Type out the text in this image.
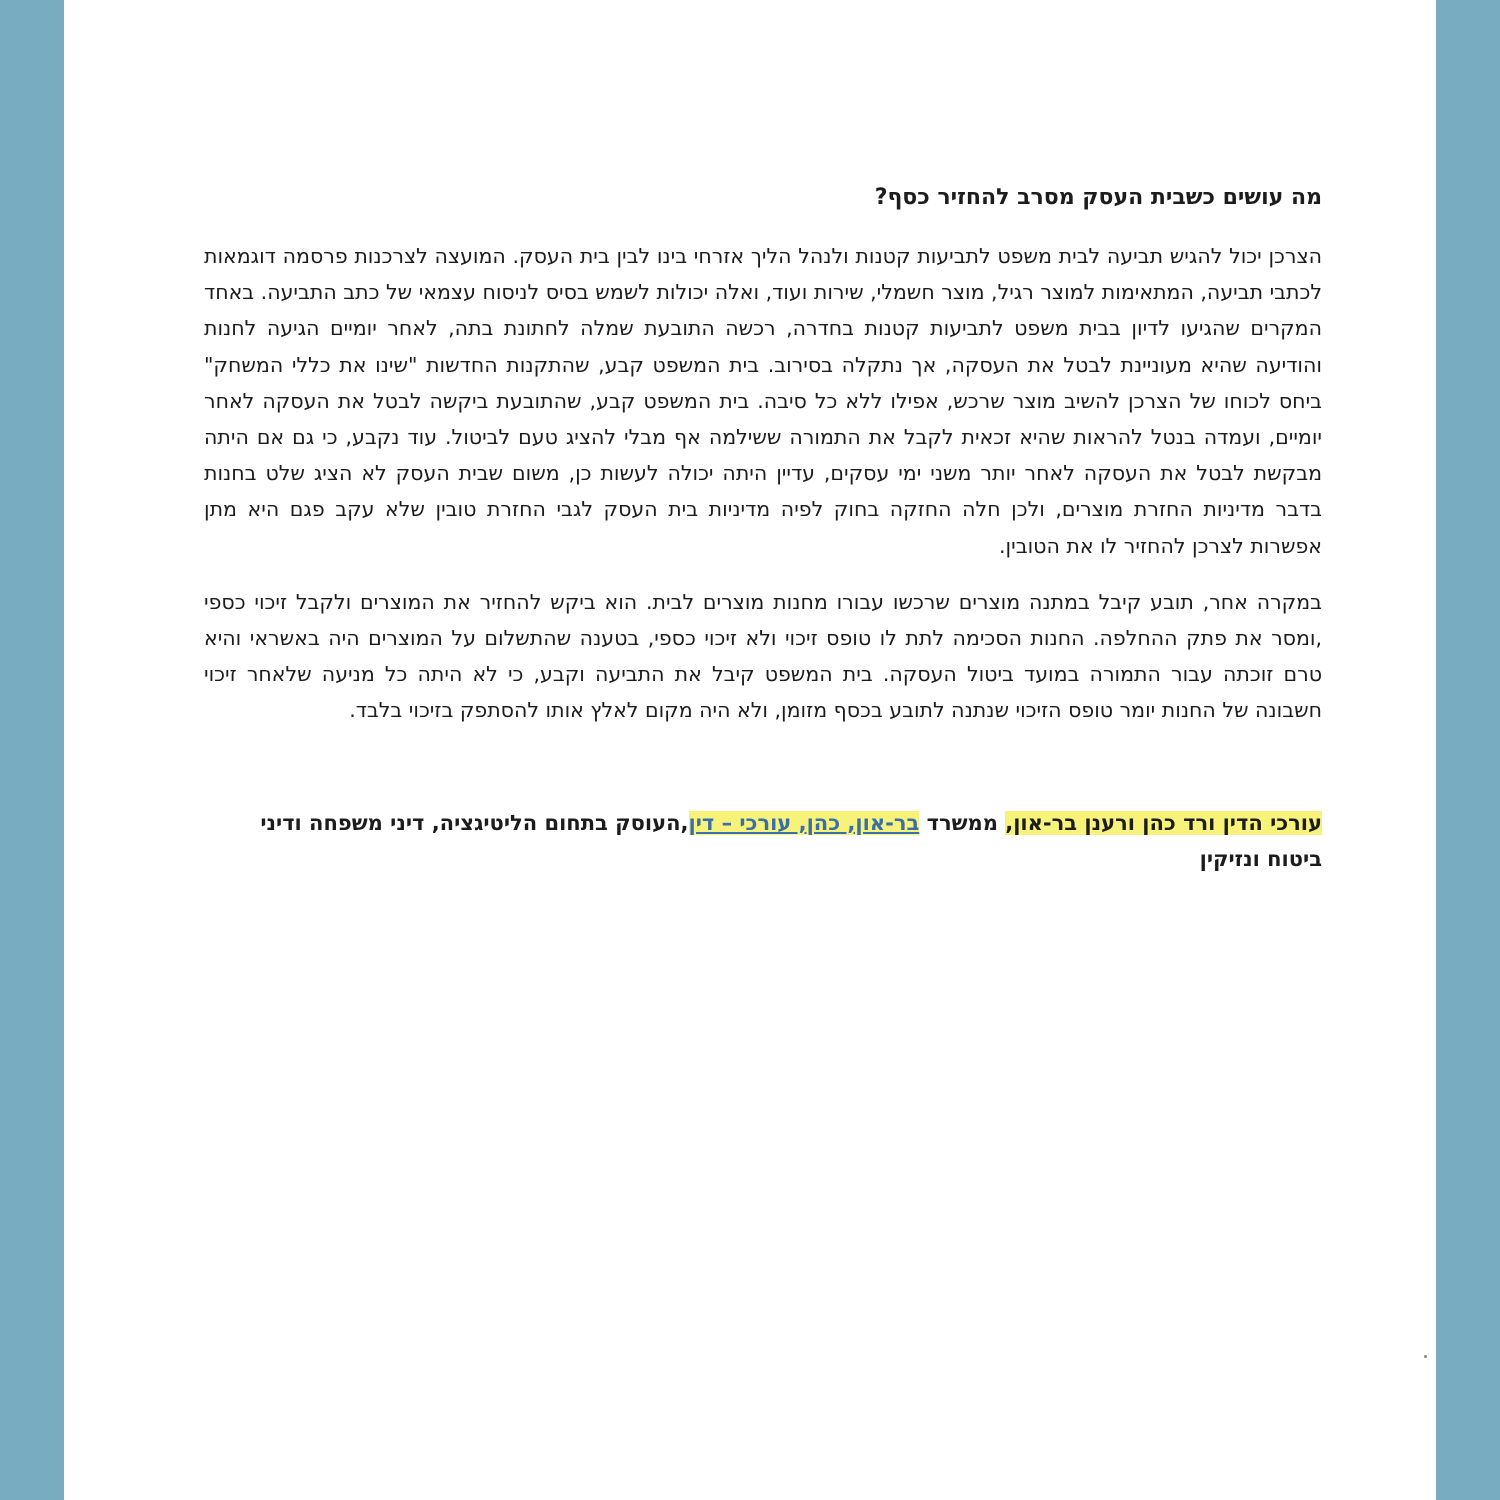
מה עושים כשבית העסק מסרב להחזיר כסף?

הצרכן יכול להגיש תביעה לבית משפט לתביעות קטנות ולנהל הליך אזרחי בינו לבין בית העסק. המועצה לצרכנות פרסמה דוגמאות לכתבי תביעה, המתאימות למוצר רגיל, מוצר חשמלי, שירות ועוד, ואלה יכולות לשמש בסיס לניסוח עצמאי של כתב התביעה. באחד המקרים שהגיעו לדיון בבית משפט לתביעות קטנות בחדרה, רכשה התובעת שמלה לחתונת בתה, לאחר יומיים הגיעה לחנות והודיעה שהיא מעוניינת לבטל את העסקה, אך נתקלה בסירוב. בית המשפט קבע, שהתקנות החדשות "שינו את כללי המשחק" ביחס לכוחו של הצרכן להשיב מוצר שרכש, אפילו ללא כל סיבה. בית המשפט קבע, שהתובעת ביקשה לבטל את העסקה לאחר יומיים, ועמדה בנטל להראות שהיא זכאית לקבל את התמורה ששילמה אף מבלי להציג טעם לביטול. עוד נקבע, כי גם אם היתה מבקשת לבטל את העסקה לאחר יותר משני ימי עסקים, עדיין היתה יכולה לעשות כן, משום שבית העסק לא הציג שלט בחנות בדבר מדיניות החזרת מוצרים, ולכן חלה החזקה בחוק לפיה מדיניות בית העסק לגבי החזרת טובין שלא עקב פגם היא מתן אפשרות לצרכן להחזיר לו את הטובין.

במקרה אחר, תובע קיבל במתנה מוצרים שרכשו עבורו מחנות מוצרים לבית. הוא ביקש להחזיר את המוצרים ולקבל זיכוי כספי ,ומסר את פתק ההחלפה. החנות הסכימה לתת לו טופס זיכוי ולא זיכוי כספי, בטענה שהתשלום על המוצרים היה באשראי והיא טרם זוכתה עבור התמורה במועד ביטול העסקה. בית המשפט קיבל את התביעה וקבע, כי לא היתה כל מניעה שלאחר זיכוי חשבונה של החנות יומר טופס הזיכוי שנתנה לתובע בכסף מזומן, ולא היה מקום לאלץ אותו להסתפק בזיכוי בלבד.

עורכי הדין ורד כהן ורענן בר-און, ממשרד בר-און, כהן, עורכי – דין,העוסק בתחום הליטיגציה, דיני משפחה ודיני ביטוח ונזיקין
